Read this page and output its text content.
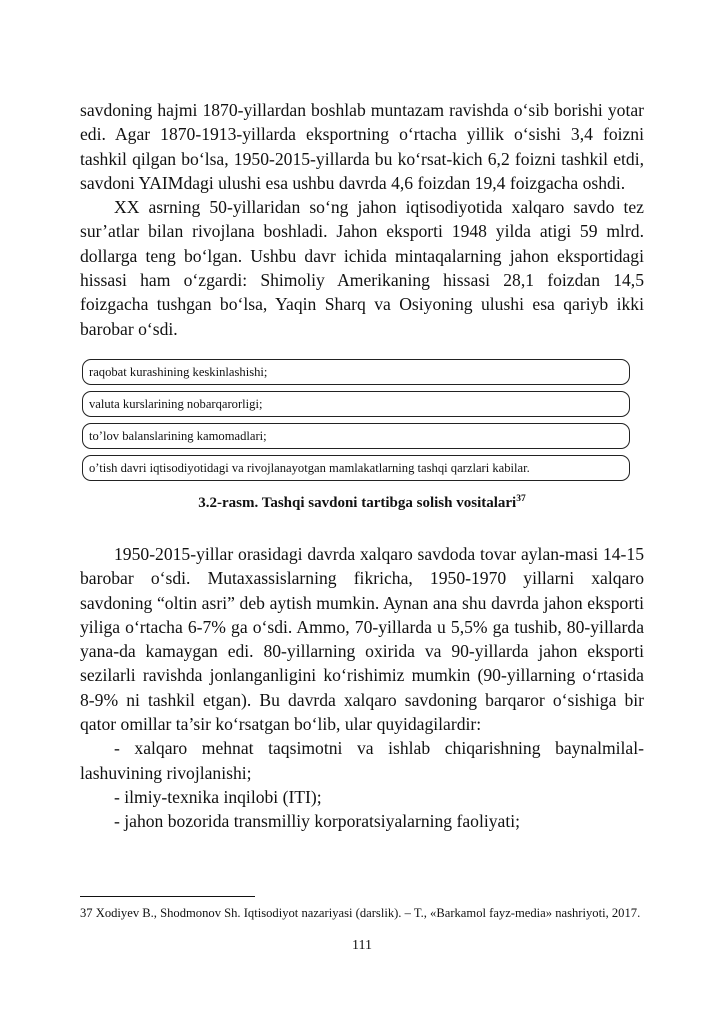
savdoning hajmi 1870-yillardan boshlab muntazam ravishda o‘sib borishi yotar edi. Agar 1870-1913-yillarda eksportning o‘rtacha yillik o‘sishi 3,4 foizni tashkil qilgan bo‘lsa, 1950-2015-yillarda bu ko‘rsat-kich 6,2 foizni tashkil etdi, savdoni YAIMdagi ulushi esa ushbu davrda 4,6 foizdan 19,4 foizgacha oshdi.

XX asrning 50-yillaridan so‘ng jahon iqtisodiyotida xalqaro savdo tez sur’atlar bilan rivojlana boshladi. Jahon eksporti 1948 yilda atigi 59 mlrd. dollarga teng bo‘lgan. Ushbu davr ichida mintaqalarning jahon eksportidagi hissasi ham o‘zgardi: Shimoliy Amerikaning hissasi 28,1 foizdan 14,5 foizgacha tushgan bo‘lsa, Yaqin Sharq va Osiyoning ulushi esa qariyb ikki barobar o‘sdi.

raqobat kurashining keskinlashishi;
valuta kurslarining nobarqarorligi;
to’lov balanslarining kamomadlari;
o’tish davri iqtisodiyotidagi va rivojlanayotgan mamlakatlarning tashqi qarzlari kabilar.
3.2-rasm. Tashqi savdoni tartibga solish vositalari$^{37}$

1950-2015-yillar orasidagi davrda xalqaro savdoda tovar aylan-masi 14-15 barobar o‘sdi. Mutaxassislarning fikricha, 1950-1970 yillarni xalqaro savdoning “oltin asri” deb aytish mumkin. Aynan ana shu davrda jahon eksporti yiliga o‘rtacha 6-7% ga o‘sdi. Ammo, 70-yillarda u 5,5% ga tushib, 80-yillarda yana-da kamaygan edi. 80-yillarning oxirida va 90-yillarda jahon eksporti sezilarli ravishda jonlanganligini ko‘rishimiz mumkin (90-yillarning o‘rtasida 8-9% ni tashkil etgan). Bu davrda xalqaro savdoning barqaror o‘sishiga bir qator omillar ta’sir ko‘rsatgan bo‘lib, ular quyidagilardir:

- xalqaro mehnat taqsimotni va ishlab chiqarishning baynalmilal-lashuvining rivojlanishi;

- ilmiy-texnika inqilobi (ITI);

- jahon bozorida transmilliy korporatsiyalarning faoliyati;

37 Xodiyev B., Shodmonov Sh. Iqtisodiyot nazariyasi (darslik). – T., «Barkamol fayz-media» nashriyoti, 2017.
111
